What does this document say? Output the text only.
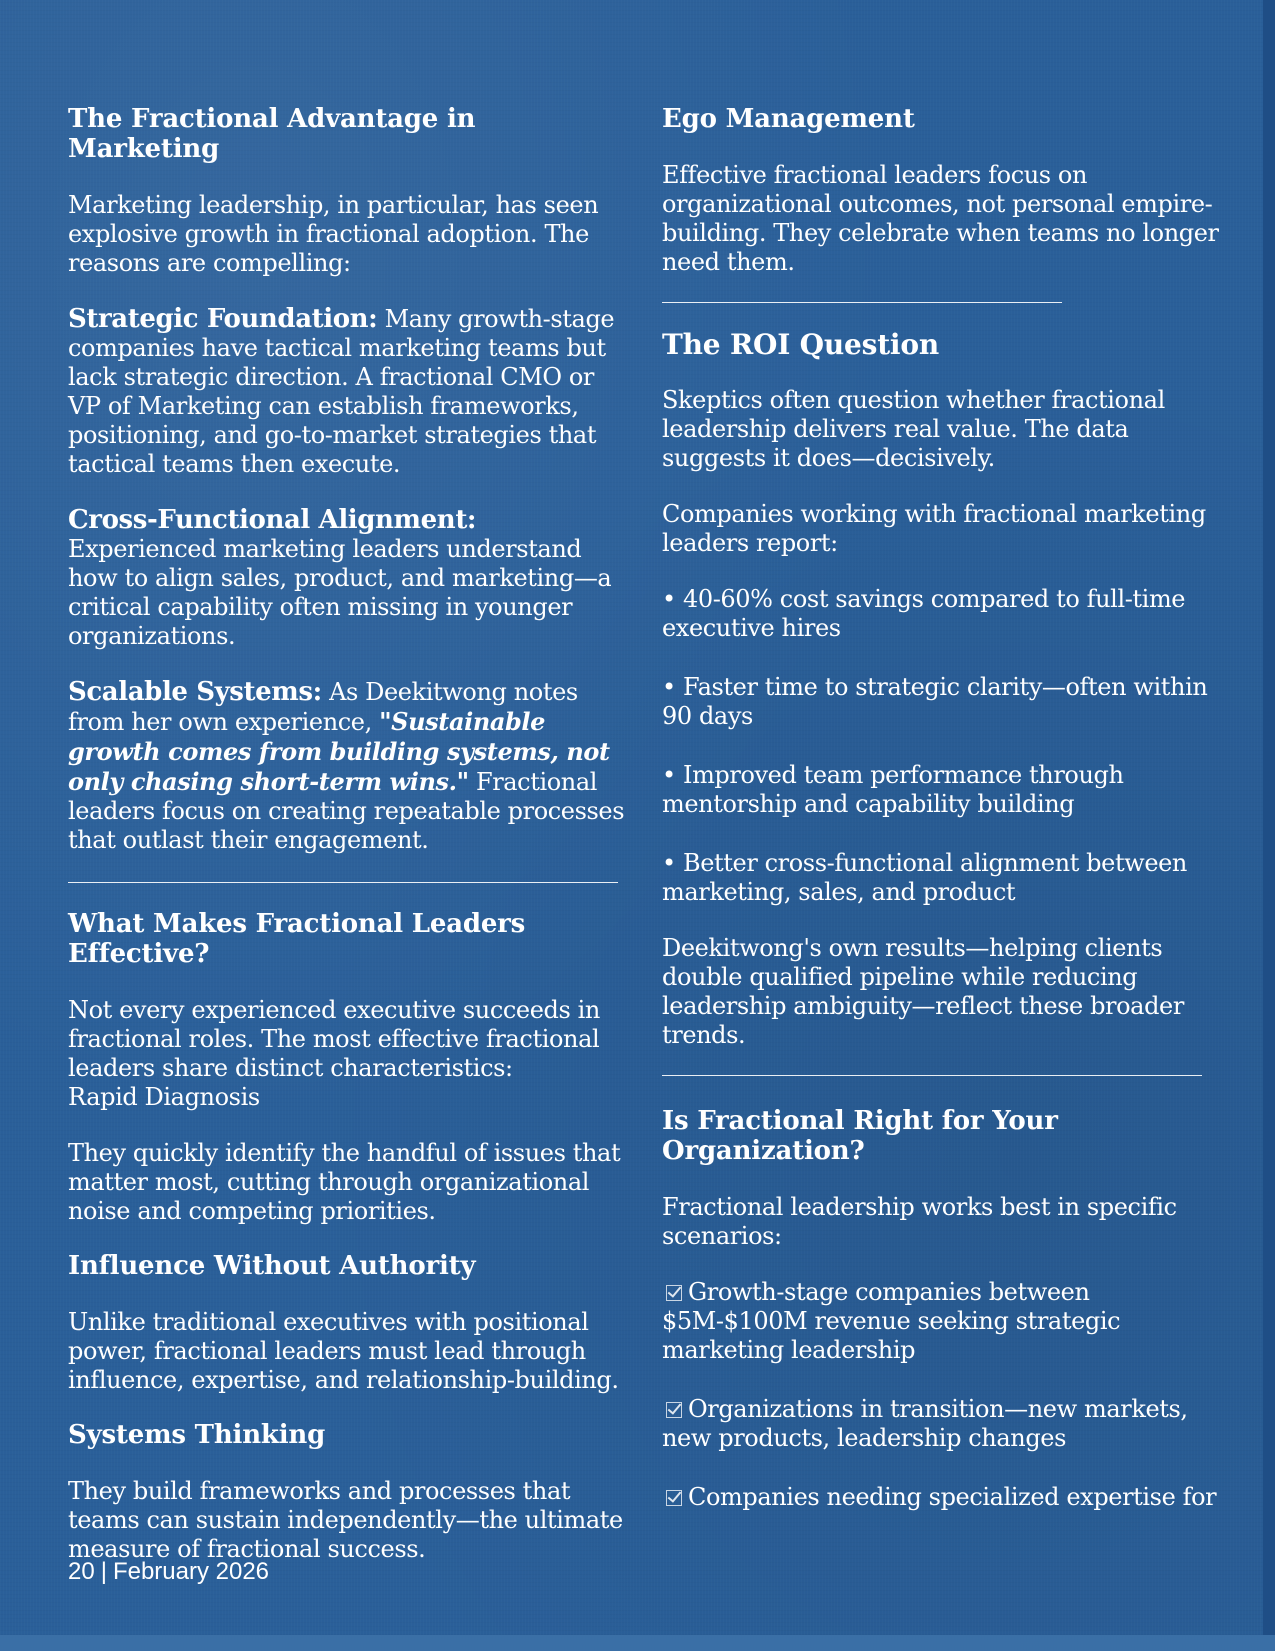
The Fractional Advantage in Marketing

Marketing leadership, in particular, has seen explosive growth in fractional adoption. The reasons are compelling:

Strategic Foundation: Many growth-stage companies have tactical marketing teams but lack strategic direction. A fractional CMO or VP of Marketing can establish frameworks, positioning, and go-to-market strategies that tactical teams then execute.

Cross-Functional Alignment: Experienced marketing leaders understand how to align sales, product, and marketing—a critical capability often missing in younger organizations.

Scalable Systems: As Deekitwong notes from her own experience, "Sustainable growth comes from building systems, not only chasing short-term wins." Fractional leaders focus on creating repeatable processes that outlast their engagement.

What Makes Fractional Leaders Effective?

Not every experienced executive succeeds in fractional roles. The most effective fractional leaders share distinct characteristics:

Rapid Diagnosis

They quickly identify the handful of issues that matter most, cutting through organizational noise and competing priorities.

Influence Without Authority

Unlike traditional executives with positional power, fractional leaders must lead through influence, expertise, and relationship-building.

Systems Thinking

They build frameworks and processes that teams can sustain independently—the ultimate measure of fractional success.

Ego Management

Effective fractional leaders focus on organizational outcomes, not personal empire-building. They celebrate when teams no longer need them.

The ROI Question

Skeptics often question whether fractional leadership delivers real value. The data suggests it does—decisively.

Companies working with fractional marketing leaders report:

• 40-60% cost savings compared to full-time executive hires

• Faster time to strategic clarity—often within 90 days

• Improved team performance through mentorship and capability building

• Better cross-functional alignment between marketing, sales, and product

Deekitwong's own results—helping clients double qualified pipeline while reducing leadership ambiguity—reflect these broader trends.

Is Fractional Right for Your Organization?

Fractional leadership works best in specific scenarios:

Growth-stage companies between $5M-$100M revenue seeking strategic marketing leadership

Organizations in transition—new markets, new products, leadership changes

Companies needing specialized expertise for

20 | February 2026
